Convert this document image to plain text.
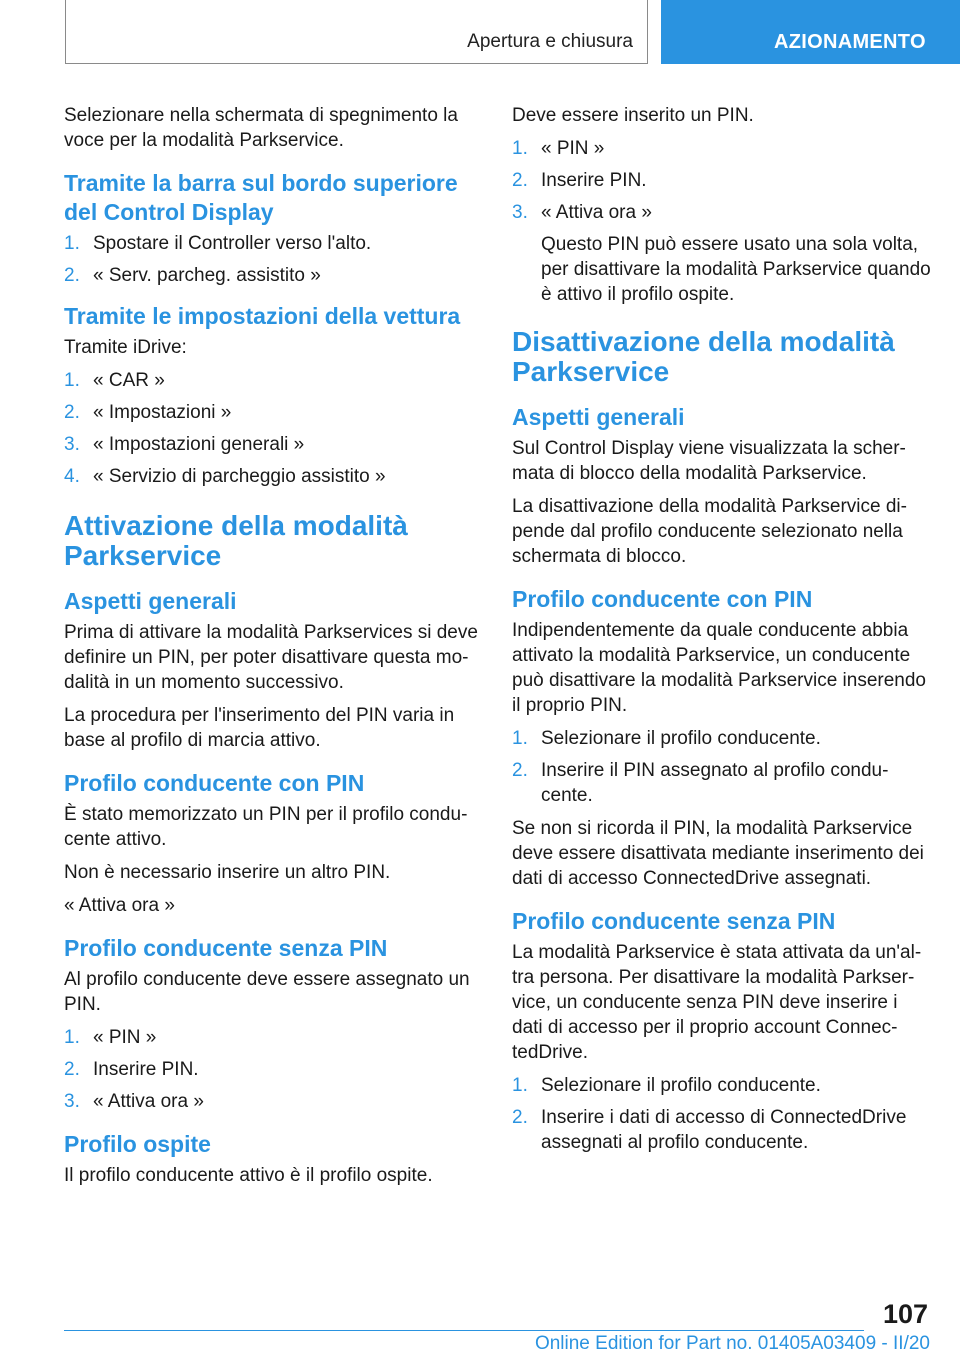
Apertura e chiusura	AZIONAMENTO

Selezionare nella schermata di spegnimento la voce per la modalità Parkservice.

Tramite la barra sul bordo superiore del Control Display
1. Spostare il Controller verso l'alto.
2. « Serv. parcheg. assistito »
Tramite le impostazioni della vettura

Tramite iDrive:

1. « CAR »
2. « Impostazioni »
3. « Impostazioni generali »
4. « Servizio di parcheggio assistito »
Attivazione della modalità Parkservice
Aspetti generali

Prima di attivare la modalità Parkservices si deve definire un PIN, per poter disattivare questa mo‐ dalità in un momento successivo.

La procedura per l'inserimento del PIN varia in base al profilo di marcia attivo.

Profilo conducente con PIN

È stato memorizzato un PIN per il profilo condu‐ cente attivo.

Non è necessario inserire un altro PIN.

« Attiva ora »

Profilo conducente senza PIN

Al profilo conducente deve essere assegnato un PIN.

1. « PIN »
2. Inserire PIN.
3. « Attiva ora »
Profilo ospite

Il profilo conducente attivo è il profilo ospite.

Deve essere inserito un PIN.

1. « PIN »
2. Inserire PIN.
3. « Attiva ora »
Questo PIN può essere usato una sola volta, per disattivare la modalità Parkservice quando è attivo il profilo ospite.
Disattivazione della modalità Parkservice
Aspetti generali

Sul Control Display viene visualizzata la scher‐ mata di blocco della modalità Parkservice.

La disattivazione della modalità Parkservice di‐ pende dal profilo conducente selezionato nella schermata di blocco.

Profilo conducente con PIN

Indipendentemente da quale conducente abbia attivato la modalità Parkservice, un conducente può disattivare la modalità Parkservice inserendo il proprio PIN.

1. Selezionare il profilo conducente.
2. Inserire il PIN assegnato al profilo condu‐ cente.

Se non si ricorda il PIN, la modalità Parkservice deve essere disattivata mediante inserimento dei dati di accesso ConnectedDrive assegnati.

Profilo conducente senza PIN

La modalità Parkservice è stata attivata da un'al‐ tra persona. Per disattivare la modalità Parkser‐ vice, un conducente senza PIN deve inserire i dati di accesso per il proprio account Connec‐ tedDrive.

1. Selezionare il profilo conducente.
2. Inserire i dati di accesso di ConnectedDrive assegnati al profilo conducente.
107
Online Edition for Part no. 01405A03409 - II/20
